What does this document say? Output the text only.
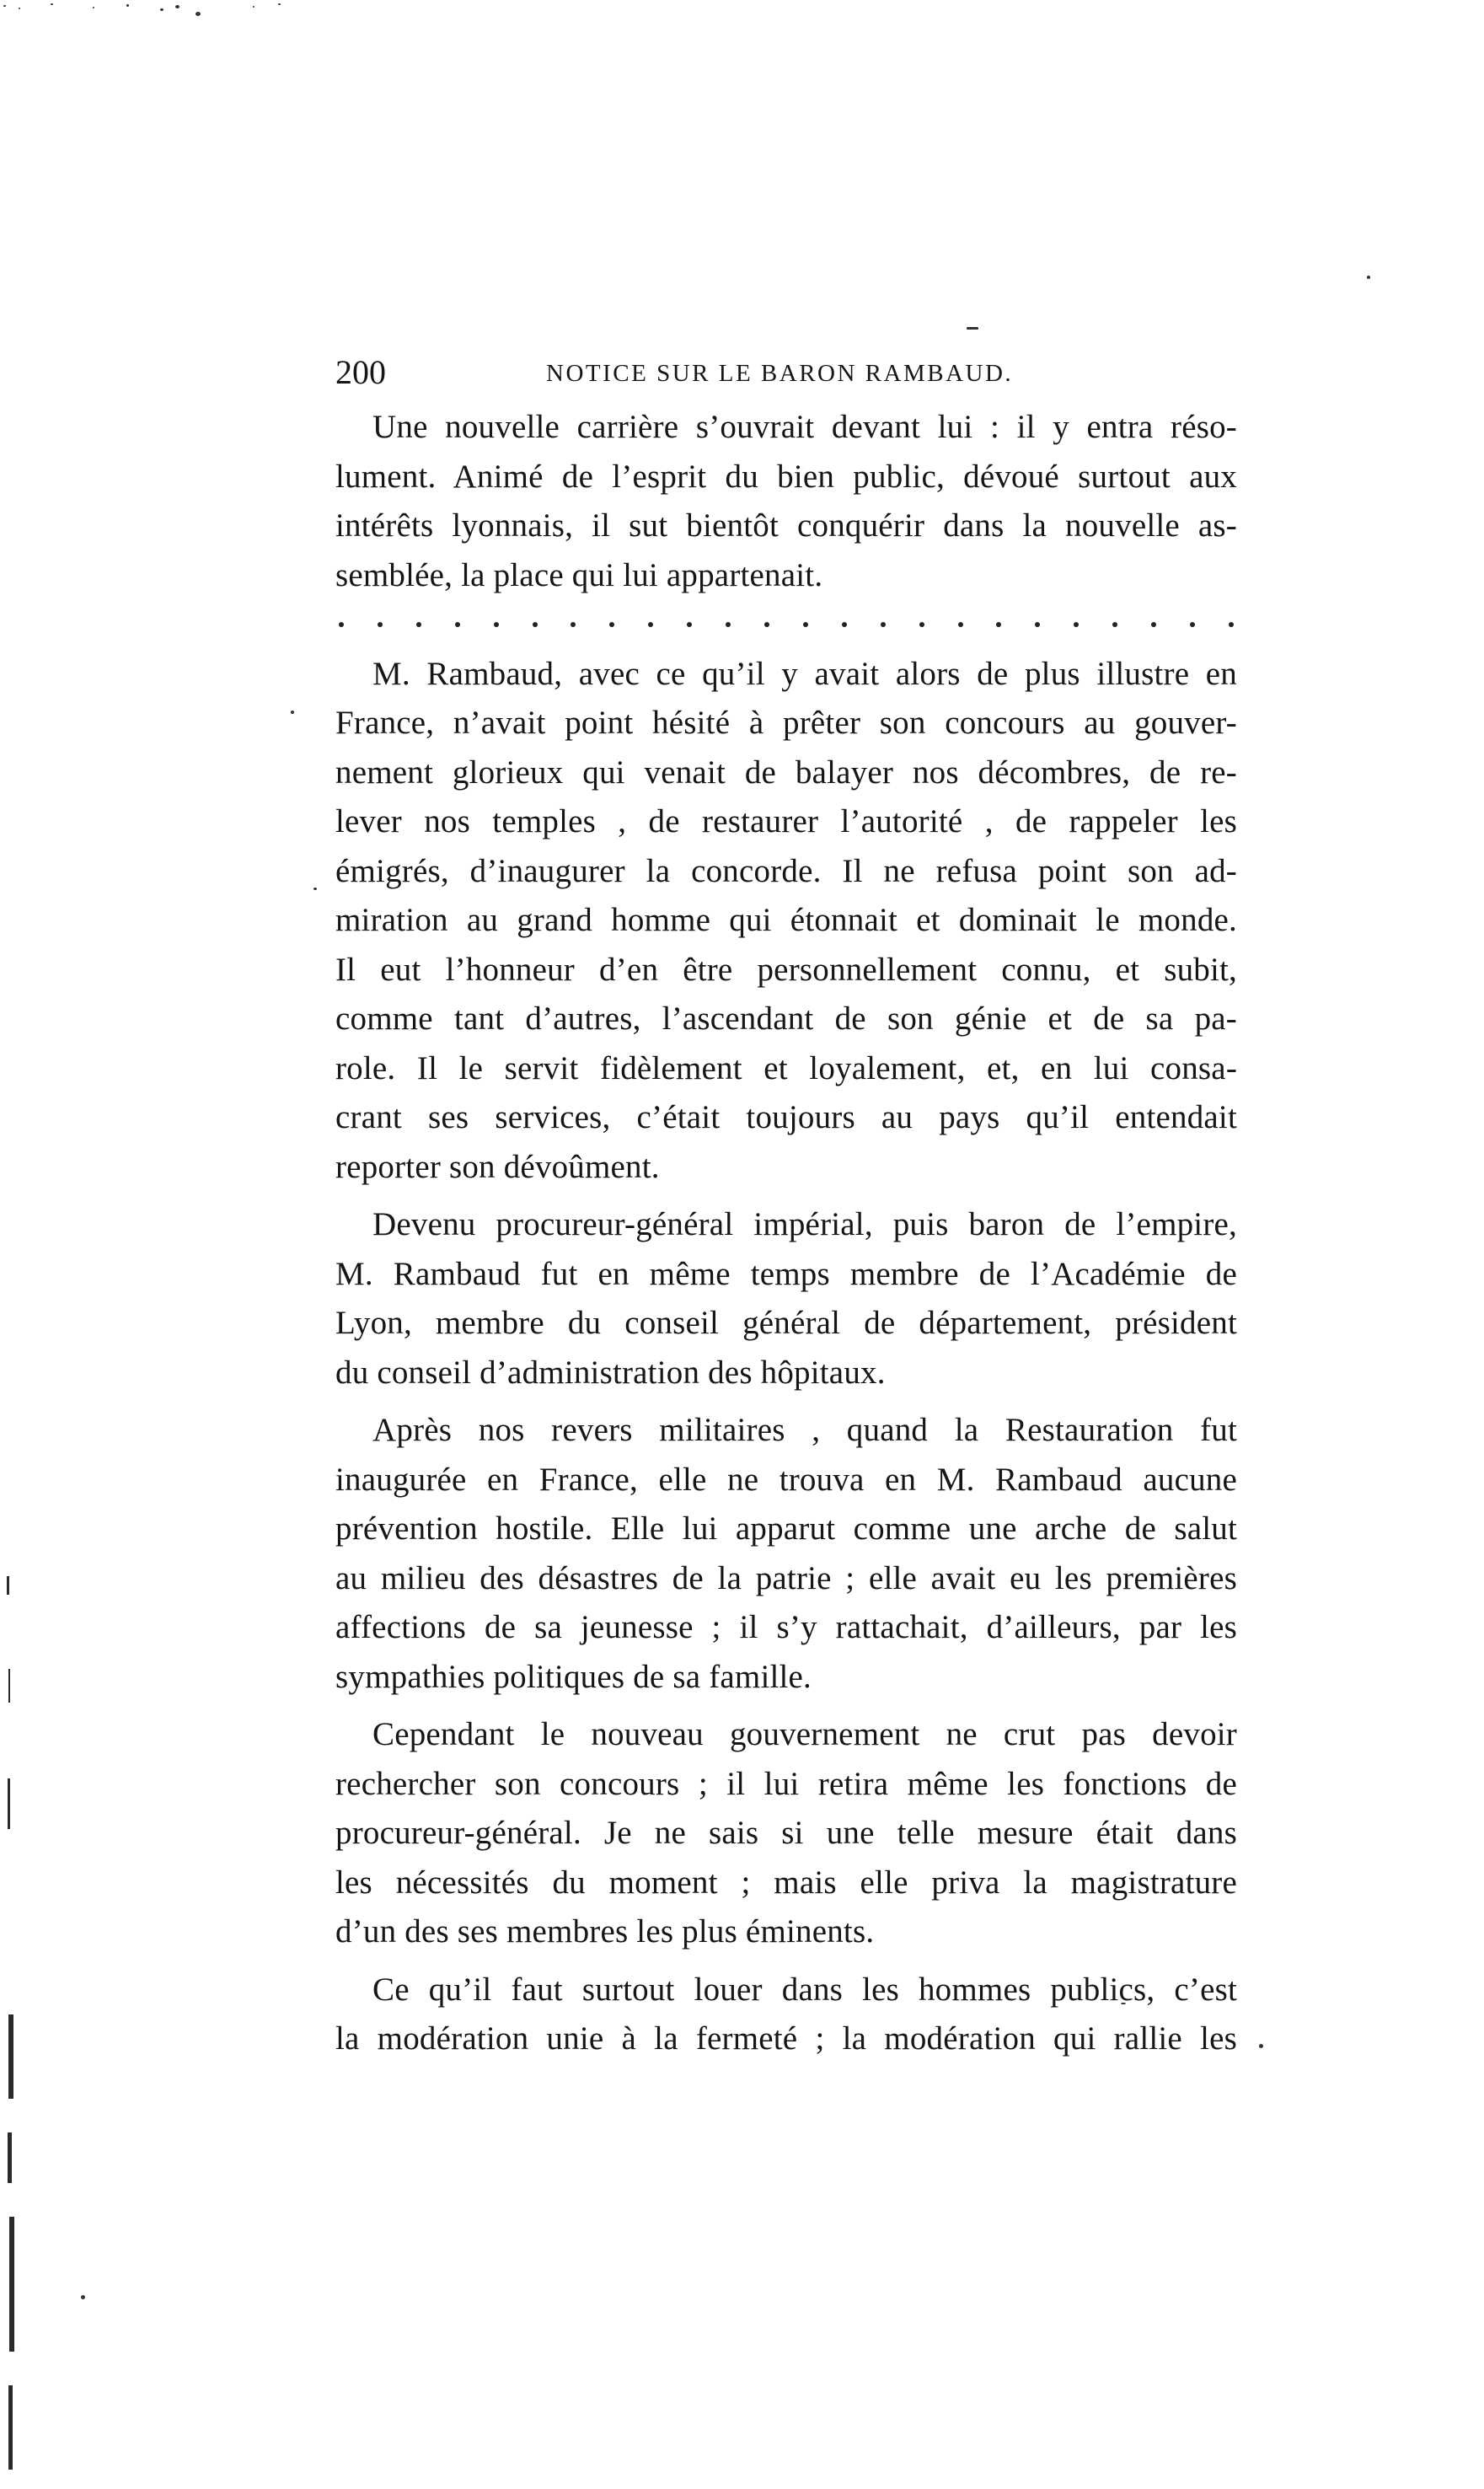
200	NOTICE SUR LE BARON RAMBAUD.
Une nouvelle carrière s’ouvrait devant lui : il y entra réso-
lument. Animé de l’esprit du bien public, dévoué surtout aux
intérêts lyonnais, il sut bientôt conquérir dans la nouvelle as-
semblée, la place qui lui appartenait.
M. Rambaud, avec ce qu’il y avait alors de plus illustre en
France, n’avait point hésité à prêter son concours au gouver-
nement glorieux qui venait de balayer nos décombres, de re-
lever nos temples , de restaurer l’autorité , de rappeler les
émigrés, d’inaugurer la concorde. Il ne refusa point son ad-
miration au grand homme qui étonnait et dominait le monde.
Il eut l’honneur d’en être personnellement connu, et subit,
comme tant d’autres, l’ascendant de son génie et de sa pa-
role. Il le servit fidèlement et loyalement, et, en lui consa-
crant ses services, c’était toujours au pays qu’il entendait
reporter son dévoûment.
Devenu procureur-général impérial, puis baron de l’empire,
M. Rambaud fut en même temps membre de l’Académie de
Lyon, membre du conseil général de département, président
du conseil d’administration des hôpitaux.
Après nos revers militaires , quand la Restauration fut
inaugurée en France, elle ne trouva en M. Rambaud aucune
prévention hostile. Elle lui apparut comme une arche de salut
au milieu des désastres de la patrie ; elle avait eu les premières
affections de sa jeunesse ; il s’y rattachait, d’ailleurs, par les
sympathies politiques de sa famille.
Cependant le nouveau gouvernement ne crut pas devoir
rechercher son concours ; il lui retira même les fonctions de
procureur-général. Je ne sais si une telle mesure était dans
les nécessités du moment ; mais elle priva la magistrature
d’un des ses membres les plus éminents.
Ce qu’il faut surtout louer dans les hommes publics, c’est
la modération unie à la fermeté ; la modération qui rallie les
